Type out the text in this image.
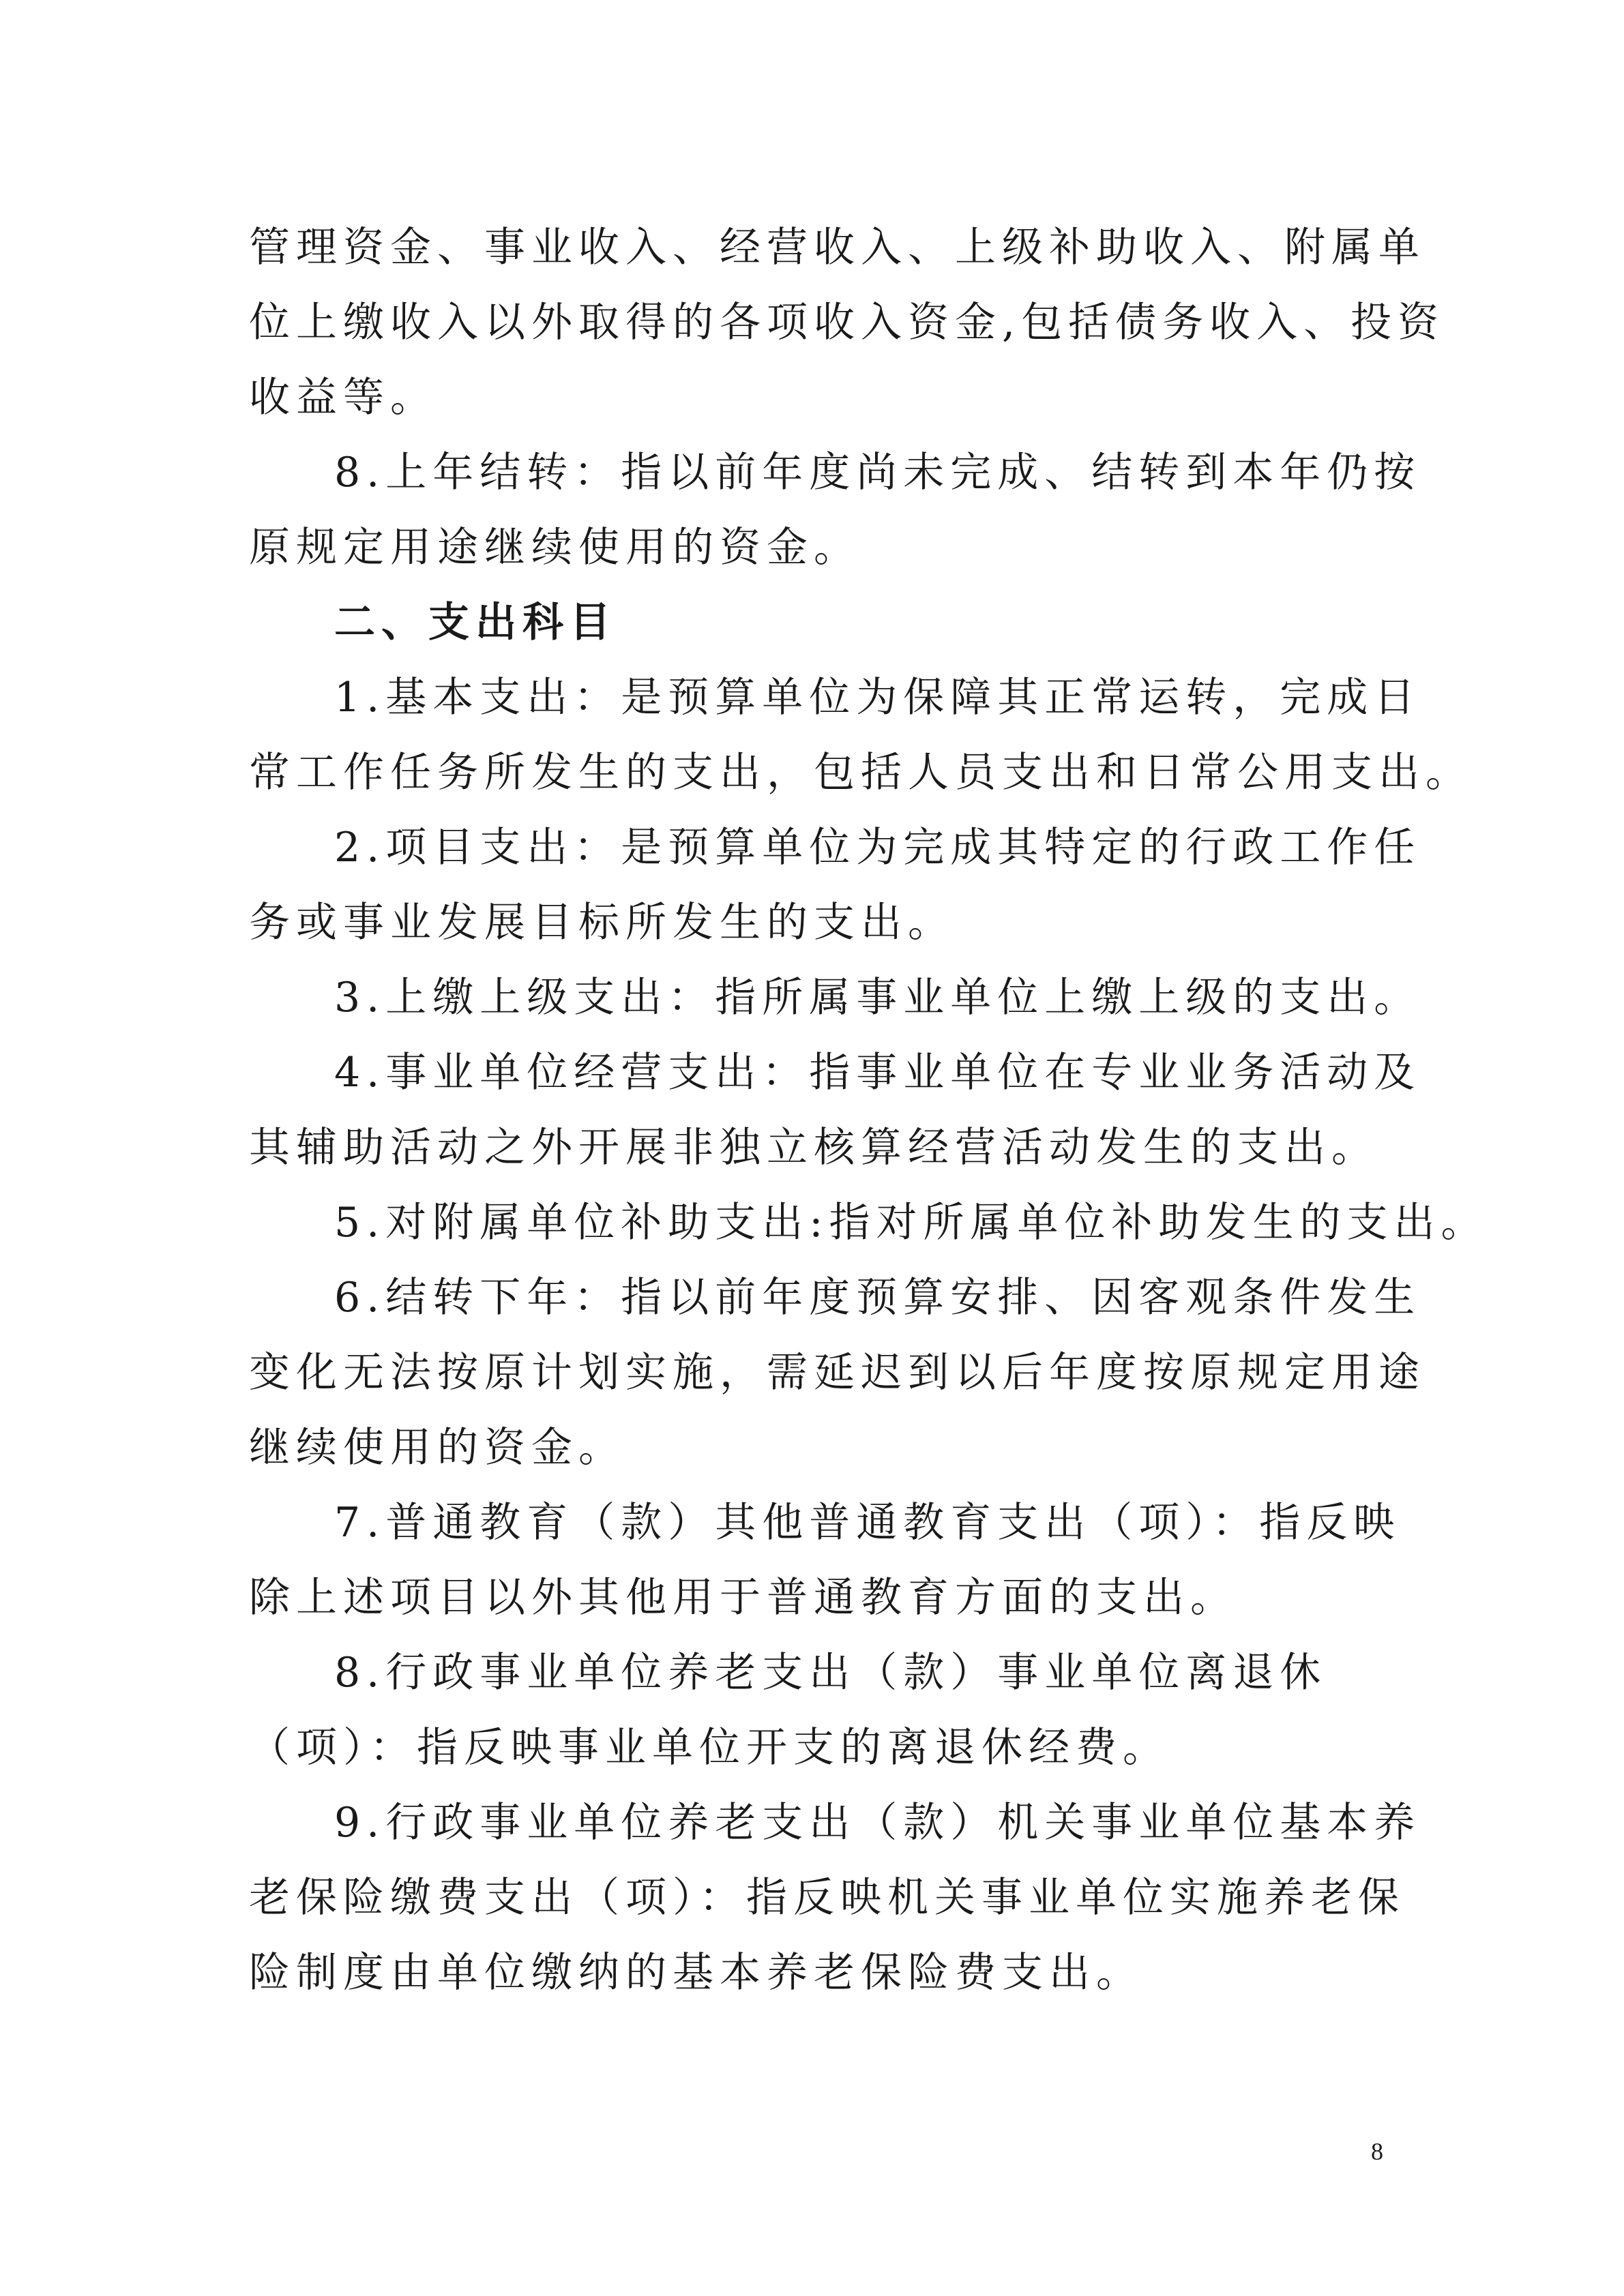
管理资金、事业收入、经营收入、上级补助收入、附属单
位上缴收入以外取得的各项收入资金,包括债务收入、投资
收益等。
8.上年结转：指以前年度尚未完成、结转到本年仍按
原规定用途继续使用的资金。
二、支出科目
1.基本支出：是预算单位为保障其正常运转，完成日
常工作任务所发生的支出，包括人员支出和日常公用支出。
2.项目支出：是预算单位为完成其特定的行政工作任
务或事业发展目标所发生的支出。
3.上缴上级支出：指所属事业单位上缴上级的支出。
4.事业单位经营支出：指事业单位在专业业务活动及
其辅助活动之外开展非独立核算经营活动发生的支出。
5.对附属单位补助支出:指对所属单位补助发生的支出。
6.结转下年：指以前年度预算安排、因客观条件发生
变化无法按原计划实施，需延迟到以后年度按原规定用途
继续使用的资金。
7.普通教育（款）其他普通教育支出（项）：指反映
除上述项目以外其他用于普通教育方面的支出。
8.行政事业单位养老支出（款）事业单位离退休
（项）：指反映事业单位开支的离退休经费。
9.行政事业单位养老支出（款）机关事业单位基本养
老保险缴费支出（项）：指反映机关事业单位实施养老保
险制度由单位缴纳的基本养老保险费支出。
8
